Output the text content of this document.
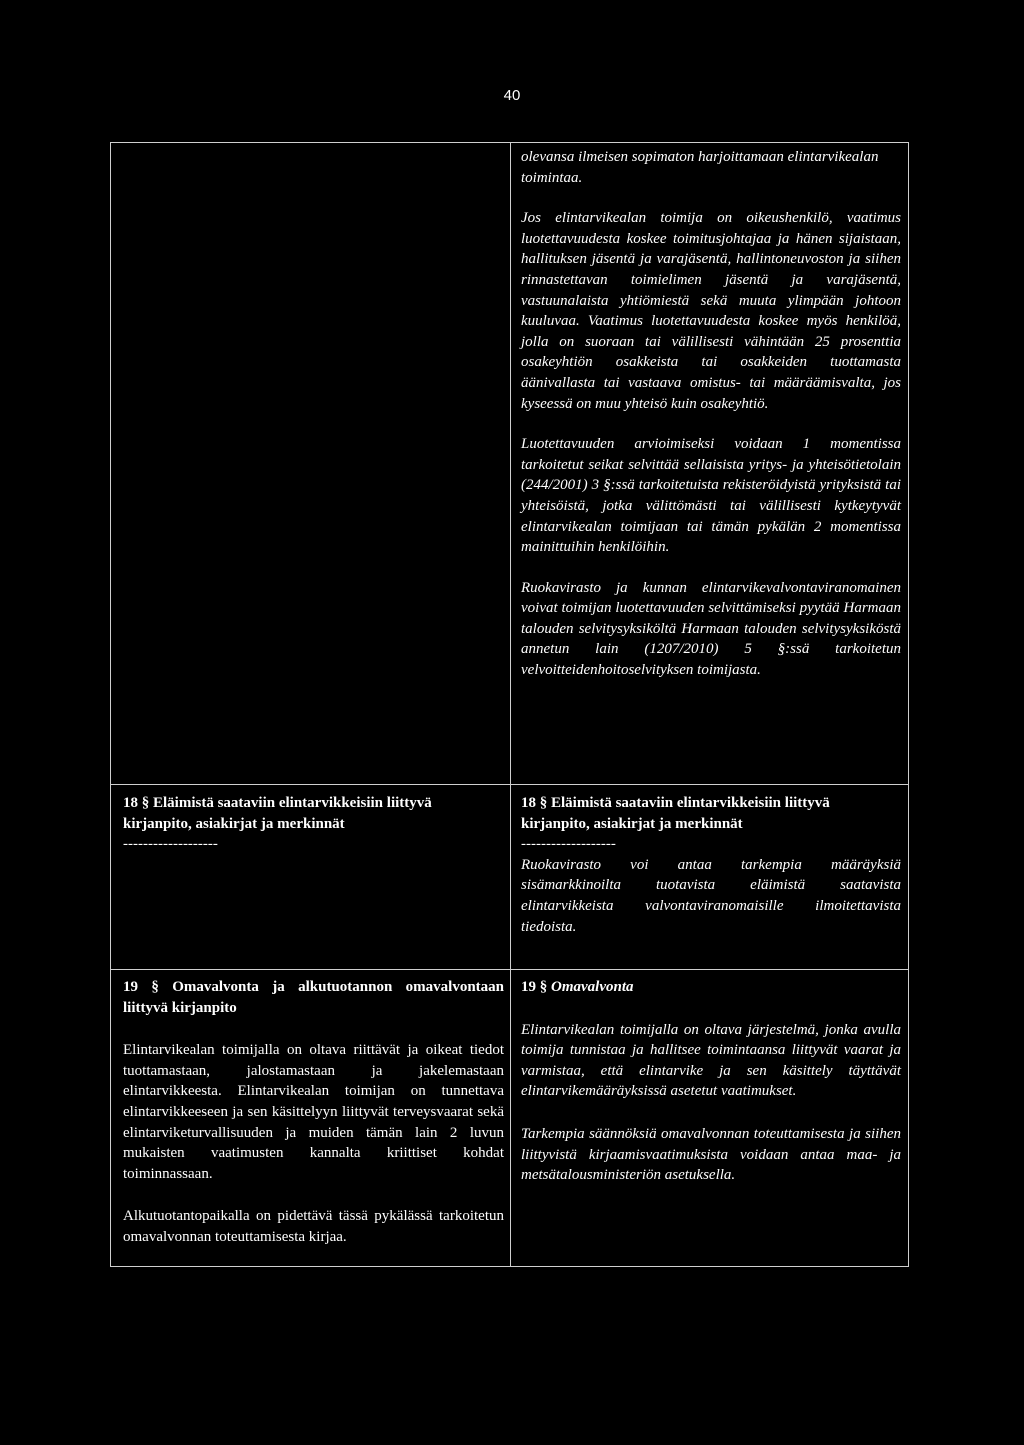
40

olevansa ilmeisen sopimaton harjoittamaan elintarvikealan toimintaa.

Jos elintarvikealan toimija on oikeushenkilö, vaatimus luotettavuudesta koskee toimitusjohtajaa ja hänen sijaistaan, hallituksen jäsentä ja varajäsentä, hallintoneuvoston ja siihen rinnastettavan toimielimen jäsentä ja varajäsentä, vastuunalaista yhtiömiestä sekä muuta ylimpään johtoon kuuluvaa. Vaatimus luotettavuudesta koskee myös henkilöä, jolla on suoraan tai välillisesti vähintään 25 prosenttia osakeyhtiön osakkeista tai osakkeiden tuottamasta äänivallasta tai vastaava omistus- tai määräämisvalta, jos kyseessä on muu yhteisö kuin osakeyhtiö.

Luotettavuuden arvioimiseksi voidaan 1 momentissa tarkoitetut seikat selvittää sellaisista yritys- ja yhteisötietolain (244/2001) 3 §:ssä tarkoitetuista rekisteröidyistä yrityksistä tai yhteisöistä, jotka välittömästi tai välillisesti kytkeytyvät elintarvikealan toimijaan tai tämän pykälän 2 momentissa mainittuihin henkilöihin.

Ruokavirasto ja kunnan elintarvikevalvontaviranomainen voivat toimijan luotettavuuden selvittämiseksi pyytää Harmaan talouden selvitysyksiköltä Harmaan talouden selvitysyksiköstä annetun lain (1207/2010) 5 §:ssä tarkoitetun velvoitteidenhoitoselvityksen toimijasta.

18 § Eläimistä saataviin elintarvikkeisiin liittyvä kirjanpito, asiakirjat ja merkinnät

-------------------

18 § Eläimistä saataviin elintarvikkeisiin liittyvä kirjanpito, asiakirjat ja merkinnät

-------------------

Ruokavirasto voi antaa tarkempia määräyksiä sisämarkkinoilta tuotavista eläimistä saatavista elintarvikkeista valvontaviranomaisille ilmoitettavista tiedoista.

19 § Omavalvonta ja alkutuotannon omavalvontaan liittyvä kirjanpito

Elintarvikealan toimijalla on oltava riittävät ja oikeat tiedot tuottamastaan, jalostamastaan ja jakelemastaan elintarvikkeesta. Elintarvikealan toimijan on tunnettava elintarvikkeeseen ja sen käsittelyyn liittyvät terveysvaarat sekä elintarviketurvallisuuden ja muiden tämän lain 2 luvun mukaisten vaatimusten kannalta kriittiset kohdat toiminnassaan.

Alkutuotantopaikalla on pidettävä tässä pykälässä tarkoitetun omavalvonnan toteuttamisesta kirjaa.

19 § Omavalvonta

Elintarvikealan toimijalla on oltava järjestelmä, jonka avulla toimija tunnistaa ja hallitsee toimintaansa liittyvät vaarat ja varmistaa, että elintarvike ja sen käsittely täyttävät elintarvikemääräyksissä asetetut vaatimukset.

Tarkempia säännöksiä omavalvonnan toteuttamisesta ja siihen liittyvistä kirjaamisvaatimuksista voidaan antaa maa- ja metsätalousministeriön asetuksella.
